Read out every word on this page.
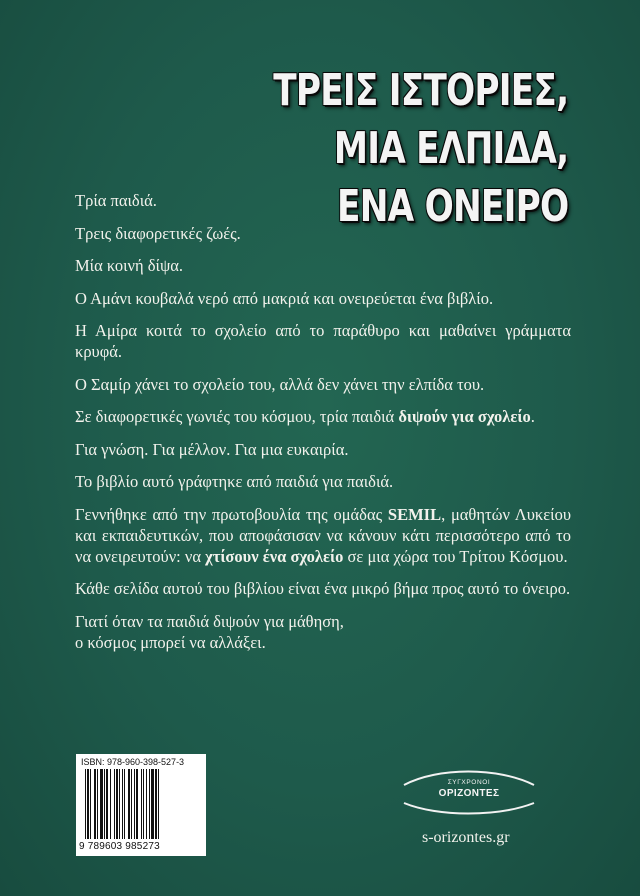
ΤΡΕΙΣ ΙΣΤΟΡΙΕΣ,
ΜΙΑ ΕΛΠΙΔΑ,
ΕΝΑ ΟΝΕΙΡΟ

Τρία παιδιά.

Τρεις διαφορετικές ζωές.

Μία κοινή δίψα.

Ο Αμάνι κουβαλά νερό από μακριά και ονειρεύεται ένα βιβλίο.

Η Αμίρα κοιτά το σχολείο από το παράθυρο και μαθαίνει γράμματα κρυφά.

Ο Σαμίρ χάνει το σχολείο του, αλλά δεν χάνει την ελπίδα του.

Σε διαφορετικές γωνιές του κόσμου, τρία παιδιά διψούν για σχολείο.

Για γνώση. Για μέλλον. Για μια ευκαιρία.

Το βιβλίο αυτό γράφτηκε από παιδιά για παιδιά.

Γεννήθηκε από την πρωτοβουλία της ομάδας SEMIL, μαθητών Λυκείου και εκπαιδευτικών, που αποφάσισαν να κάνουν κάτι περισσότερο από το να ονειρευτούν: να χτίσουν ένα σχολείο σε μια χώρα του Τρίτου Κόσμου.

Κάθε σελίδα αυτού του βιβλίου είναι ένα μικρό βήμα προς αυτό το όνειρο.

Γιατί όταν τα παιδιά διψούν για μάθηση,
ο κόσμος μπορεί να αλλάξει.

ISBN: 978-960-398-527-3
9 789603 985273
ΣΥΓΧΡΟΝΟΙ
ΟΡΙΖΟΝΤΕΣ
s-orizontes.gr
